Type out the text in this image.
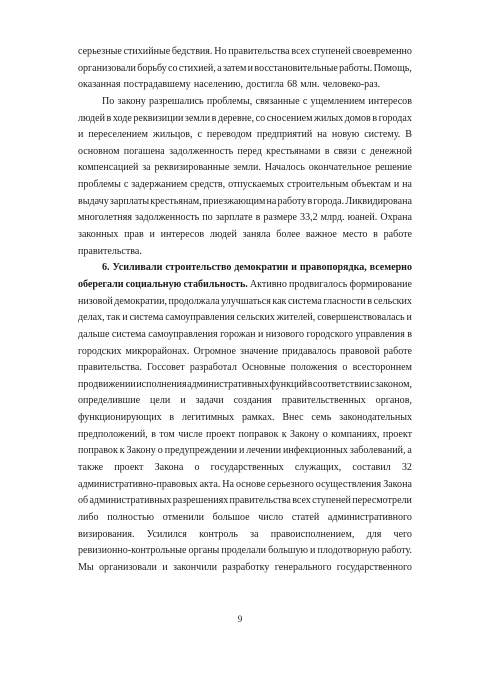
серьезные стихийные бедствия. Но правительства всех ступеней своевременно
организовали борьбу со стихией, а затем и восстановительные работы. Помощь,
оказанная пострадавшему населению, достигла 68 млн. человеко-раз.
По закону разрешались проблемы, связанные с ущемлением интересов
людей в ходе реквизиции земли в деревне, со сносением жилых домов в городах
и переселением жильцов, с переводом предприятий на новую систему. В
основном погашена задолженность перед крестьянами в связи с денежной
компенсацией за реквизированные земли. Началось окончательное решение
проблемы с задержанием средств, отпускаемых строительным объектам и на
выдачу зарплаты крестьянам, приезжающим на работу в города. Ликвидирована
многолетняя задолженность по зарплате в размере 33,2 млрд. юаней. Охрана
законных прав и интересов людей заняла более важное место в работе
правительства.
6. Усиливали строительство демократии и правопорядка, всемерно
оберегали социальную стабильность. Активно продвигалось формирование
низовой демократии, продолжала улучшаться как система гласности в сельских
делах, так и система самоуправления сельских жителей, совершенствовалась и
дальше система самоуправления горожан и низового городского управления в
городских микрорайонах. Огромное значение придавалось правовой работе
правительства. Госсовет разработал Основные положения о всестороннем
продвижении исполнения административных функций в соответствии с законом,
определившие цели и задачи создания правительственных органов,
функционирующих в легитимных рамках. Внес семь законодательных
предположений, в том числе проект поправок к Закону о компаниях, проект
поправок к Закону о предупреждении и лечении инфекционных заболеваний, а
также проект Закона о государственных служащих, составил 32
административно-правовых акта. На основе серьезного осуществления Закона
об административных разрешениях правительства всех ступеней пересмотрели
либо полностью отменили большое число статей административного
визирования. Усилился контроль за правоисполнением, для чего
ревизионно-контрольные органы проделали большую и плодотворную работу.
Мы организовали и закончили разработку генерального государственного
9
